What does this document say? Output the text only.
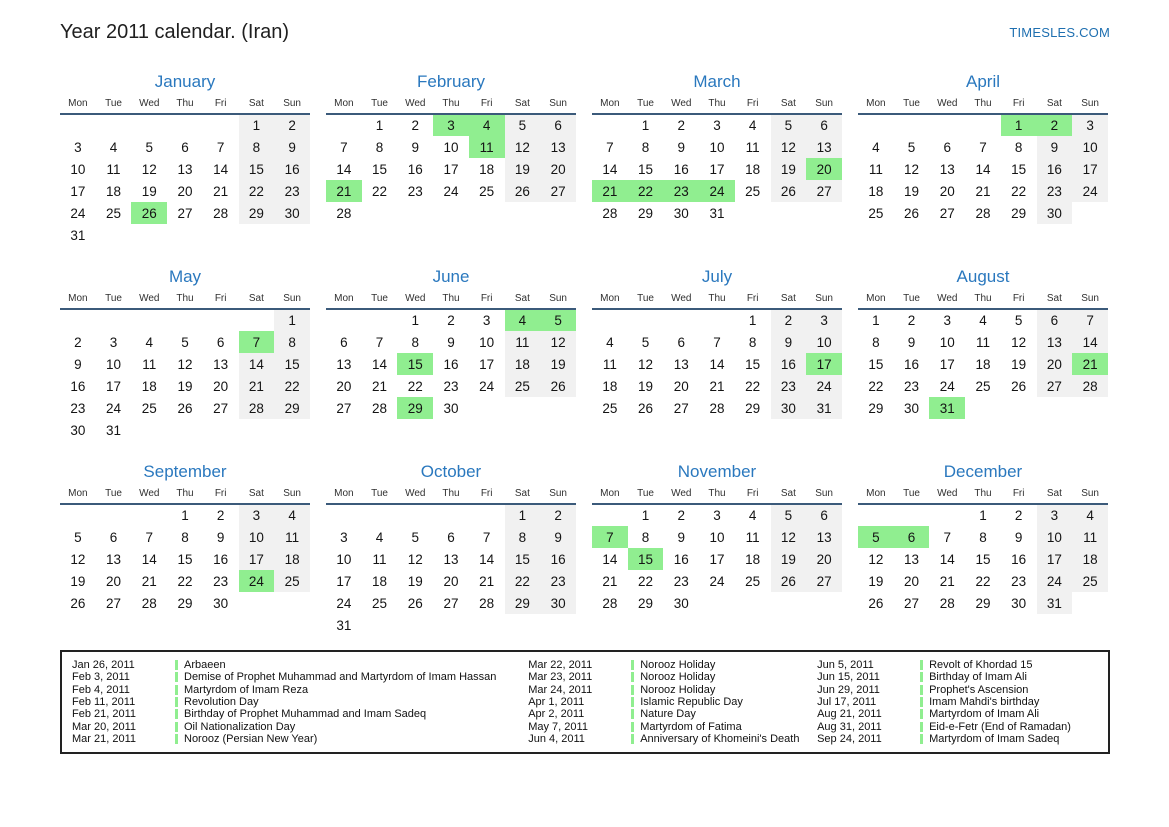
Year 2011 calendar. (Iran)	TIMESLES.COM
January
Mon	Tue	Wed	Thu	Fri	Sat	Sun
					1	2
3	4	5	6	7	8	9
10	11	12	13	14	15	16
17	18	19	20	21	22	23
24	25	26	27	28	29	30
31						
February
Mon	Tue	Wed	Thu	Fri	Sat	Sun
	1	2	3	4	5	6
7	8	9	10	11	12	13
14	15	16	17	18	19	20
21	22	23	24	25	26	27
28						
March
Mon	Tue	Wed	Thu	Fri	Sat	Sun
	1	2	3	4	5	6
7	8	9	10	11	12	13
14	15	16	17	18	19	20
21	22	23	24	25	26	27
28	29	30	31			
April
Mon	Tue	Wed	Thu	Fri	Sat	Sun
				1	2	3
4	5	6	7	8	9	10
11	12	13	14	15	16	17
18	19	20	21	22	23	24
25	26	27	28	29	30	
May
Mon	Tue	Wed	Thu	Fri	Sat	Sun
						1
2	3	4	5	6	7	8
9	10	11	12	13	14	15
16	17	18	19	20	21	22
23	24	25	26	27	28	29
30	31					
June
Mon	Tue	Wed	Thu	Fri	Sat	Sun
		1	2	3	4	5
6	7	8	9	10	11	12
13	14	15	16	17	18	19
20	21	22	23	24	25	26
27	28	29	30			
July
Mon	Tue	Wed	Thu	Fri	Sat	Sun
				1	2	3
4	5	6	7	8	9	10
11	12	13	14	15	16	17
18	19	20	21	22	23	24
25	26	27	28	29	30	31
August
Mon	Tue	Wed	Thu	Fri	Sat	Sun
1	2	3	4	5	6	7
8	9	10	11	12	13	14
15	16	17	18	19	20	21
22	23	24	25	26	27	28
29	30	31				
September
Mon	Tue	Wed	Thu	Fri	Sat	Sun
			1	2	3	4
5	6	7	8	9	10	11
12	13	14	15	16	17	18
19	20	21	22	23	24	25
26	27	28	29	30		
October
Mon	Tue	Wed	Thu	Fri	Sat	Sun
					1	2
3	4	5	6	7	8	9
10	11	12	13	14	15	16
17	18	19	20	21	22	23
24	25	26	27	28	29	30
31						
November
Mon	Tue	Wed	Thu	Fri	Sat	Sun
	1	2	3	4	5	6
7	8	9	10	11	12	13
14	15	16	17	18	19	20
21	22	23	24	25	26	27
28	29	30				
December
Mon	Tue	Wed	Thu	Fri	Sat	Sun
			1	2	3	4
5	6	7	8	9	10	11
12	13	14	15	16	17	18
19	20	21	22	23	24	25
26	27	28	29	30	31	
Jan 26, 2011	Arbaeen
Feb 3, 2011	Demise of Prophet Muhammad and Martyrdom of Imam Hassan
Feb 4, 2011	Martyrdom of Imam Reza
Feb 11, 2011	Revolution Day
Feb 21, 2011	Birthday of Prophet Muhammad and Imam Sadeq
Mar 20, 2011	Oil Nationalization Day
Mar 21, 2011	Norooz (Persian New Year)
Mar 22, 2011	Norooz Holiday
Mar 23, 2011	Norooz Holiday
Mar 24, 2011	Norooz Holiday
Apr 1, 2011	Islamic Republic Day
Apr 2, 2011	Nature Day
May 7, 2011	Martyrdom of Fatima
Jun 4, 2011	Anniversary of Khomeini's Death
Jun 5, 2011	Revolt of Khordad 15
Jun 15, 2011	Birthday of Imam Ali
Jun 29, 2011	Prophet's Ascension
Jul 17, 2011	Imam Mahdi's birthday
Aug 21, 2011	Martyrdom of Imam Ali
Aug 31, 2011	Eid-e-Fetr (End of Ramadan)
Sep 24, 2011	Martyrdom of Imam Sadeq
